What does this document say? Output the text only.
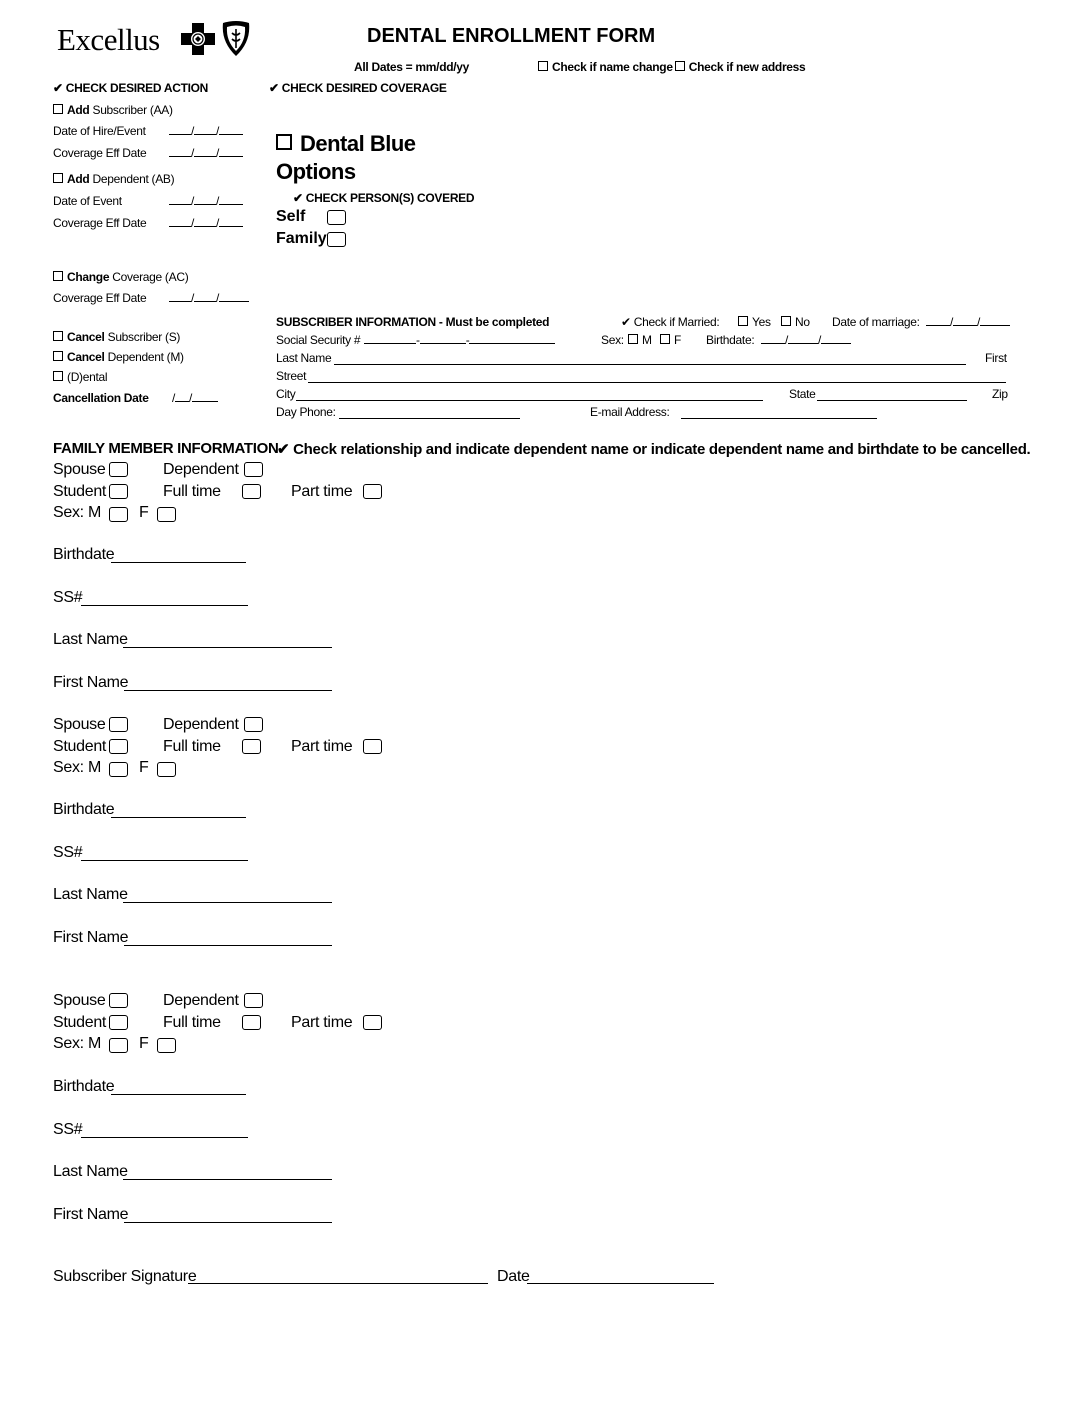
Excellus	DENTAL ENROLLMENT FORM
All Dates = mm/dd/yy	Check if name change Check if new address
✔ CHECK DESIRED ACTION
Add Subscriber (AA)
Date of Hire/Event	/ /
Coverage Eff Date	/ /
Add Dependent (AB)
Date of Event	/ /
Coverage Eff Date	/ /
Change Coverage (AC)
Coverage Eff Date	/ /
Cancel Subscriber (S)
Cancel Dependent (M)
(D)ental
Cancellation Date / /
✔ CHECK DESIRED COVERAGE
Dental Blue
Options
✔ CHECK PERSON(S) COVERED
Self
Family
SUBSCRIBER INFORMATION - Must be completed	✔ Check if Married:	Yes	No Date of marriage:	/ /
Social Security #	-	-	Sex:	M	F Birthdate:	/	/
Last Name	First
Street
City	State	Zip
Day Phone:	E-mail Address:
FAMILY MEMBER INFORMATION
✔ Check relationship and indicate dependent name or indicate dependent name and birthdate to be cancelled.
Spouse	Dependent
Student	Full time	Part time
Sex: M F
Birthdate
SS#
Last Name
First Name
Spouse	Dependent
Student	Full time	Part time
Sex: M F
Birthdate
SS#
Last Name
First Name
Spouse	Dependent
Student	Full time	Part time
Sex: M F
Birthdate
SS#
Last Name
First Name
Subscriber Signature	Date
